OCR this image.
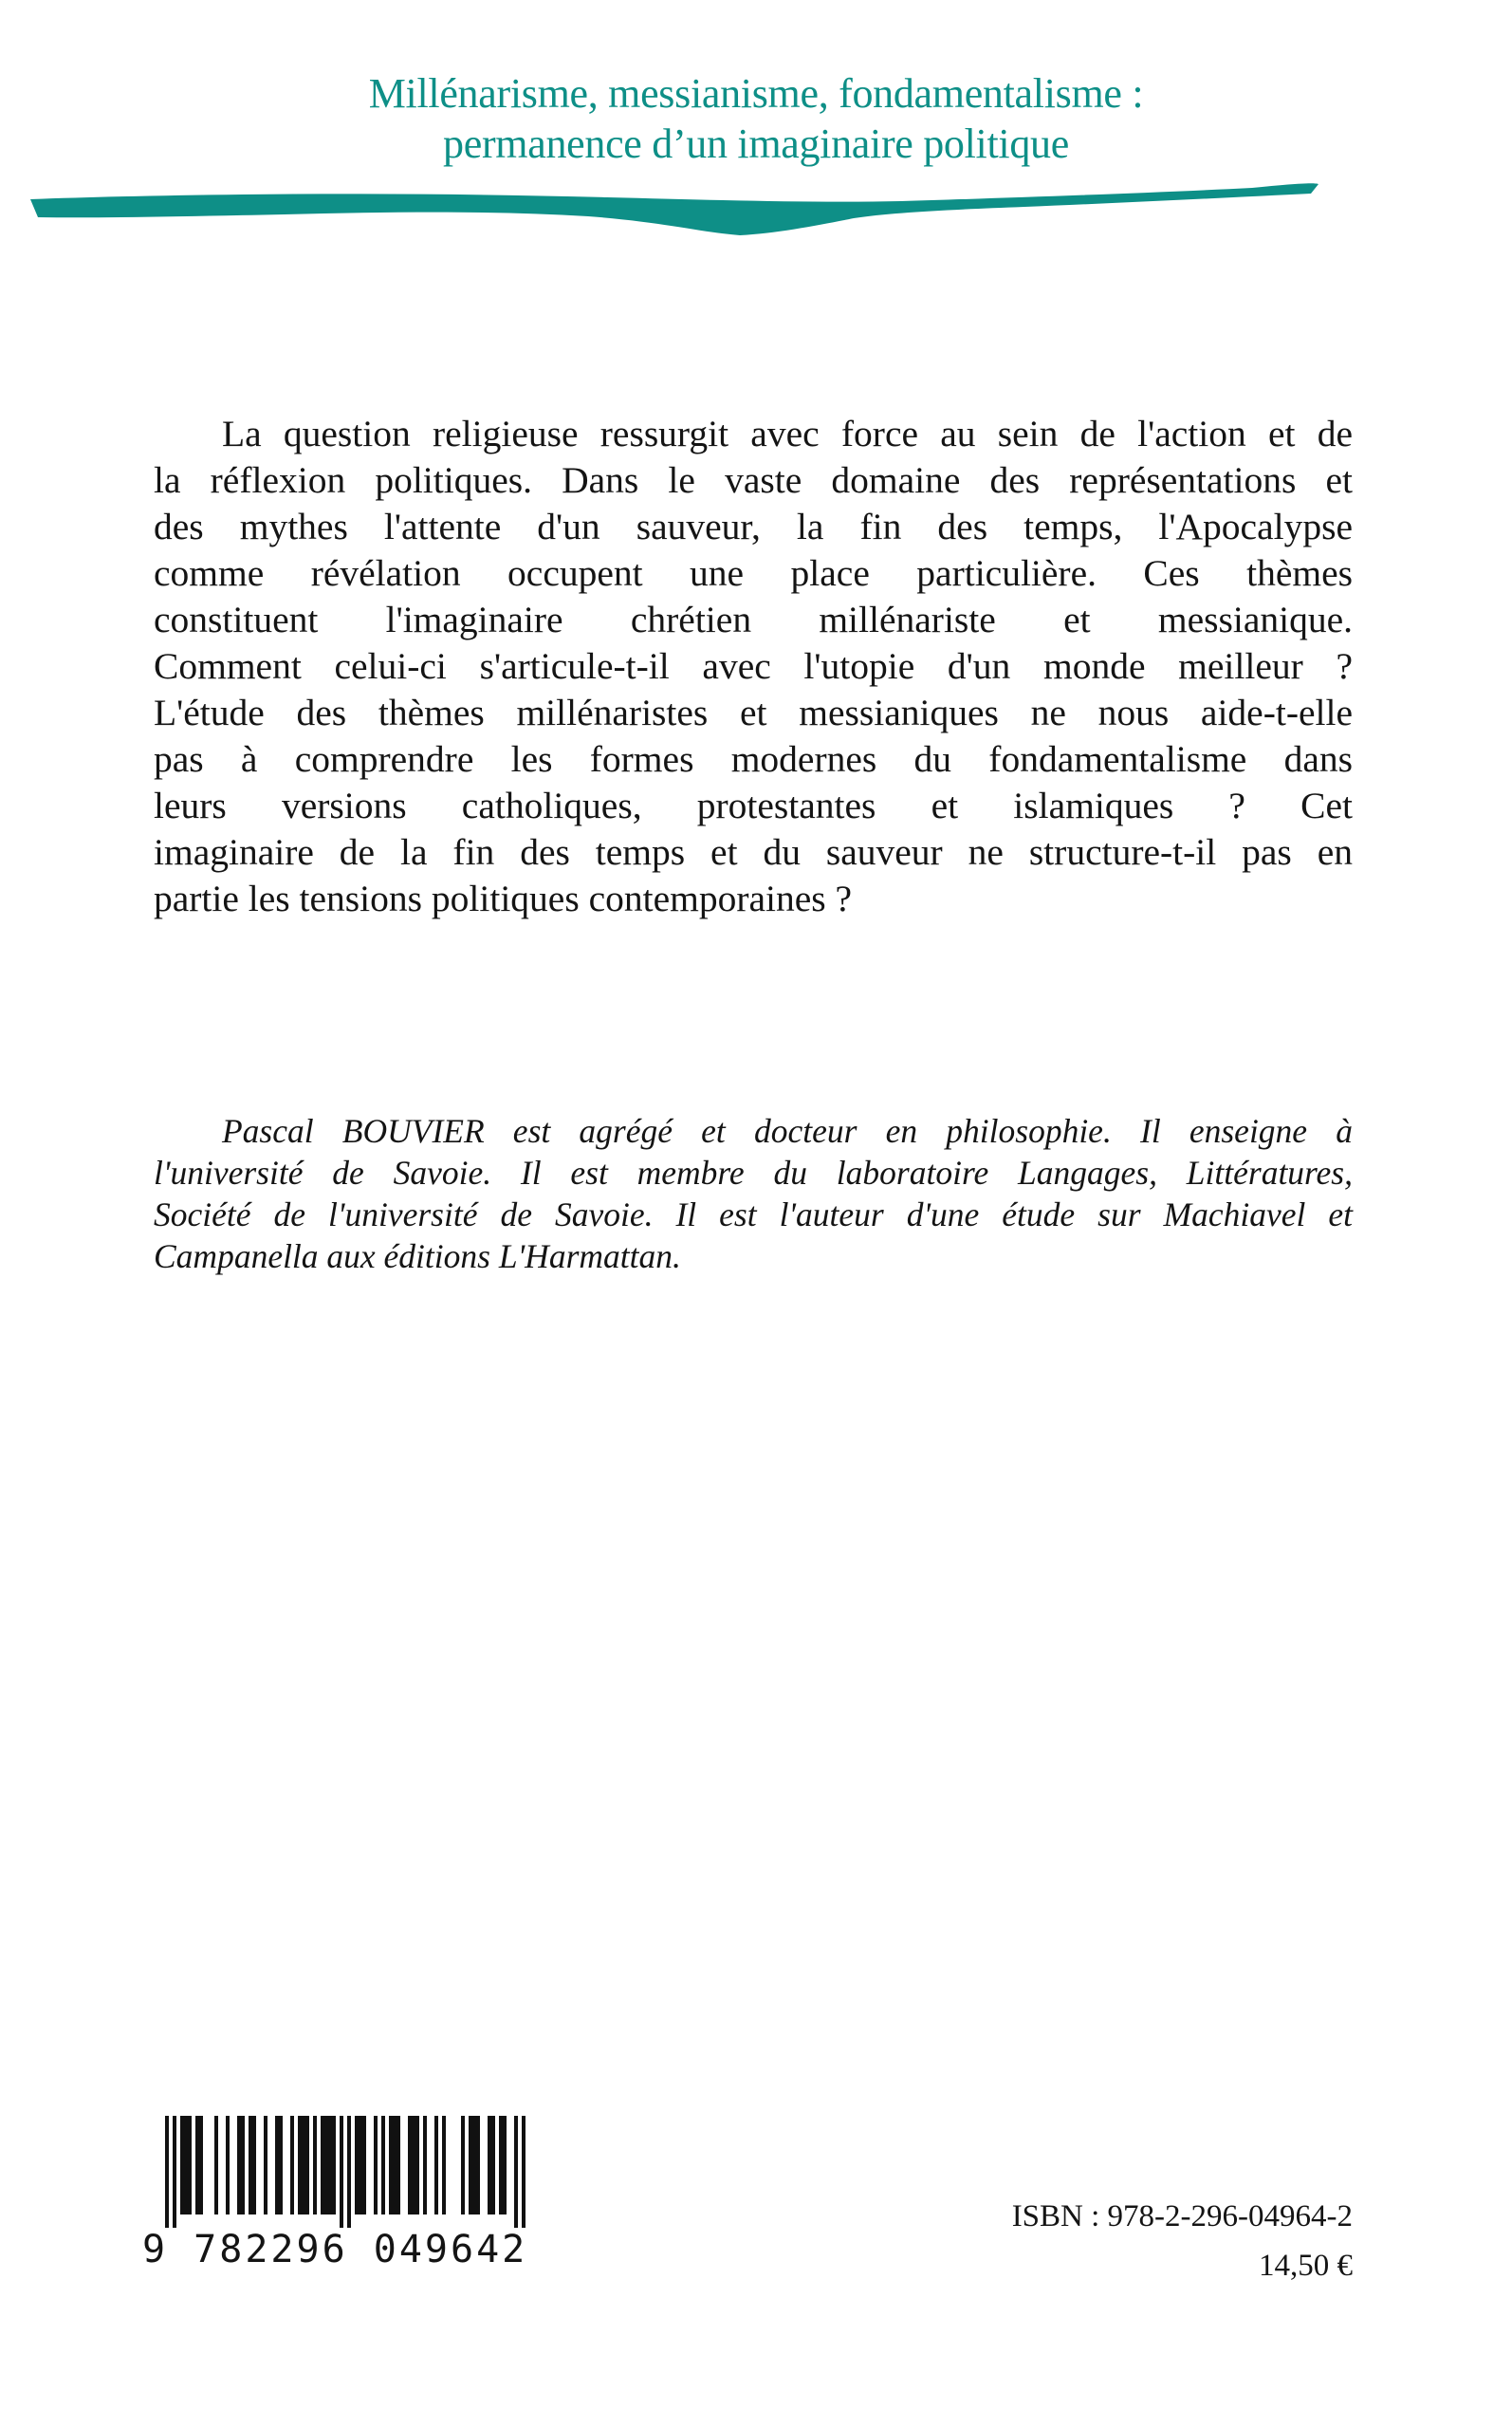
Millénarisme, messianisme, fondamentalisme :
permanence d’un imaginaire politique
La question religieuse ressurgit avec force au sein de l'action et de
la réflexion politiques. Dans le vaste domaine des représentations et
des mythes l'attente d'un sauveur, la fin des temps, l'Apocalypse
comme révélation occupent une place particulière. Ces thèmes
constituent l'imaginaire chrétien millénariste et messianique.
Comment celui-ci s'articule-t-il avec l'utopie d'un monde meilleur ?
L'étude des thèmes millénaristes et messianiques ne nous aide-t-elle
pas à comprendre les formes modernes du fondamentalisme dans
leurs versions catholiques, protestantes et islamiques ? Cet
imaginaire de la fin des temps et du sauveur ne structure-t-il pas en
partie les tensions politiques contemporaines ?
Pascal BOUVIER est agrégé et docteur en philosophie. Il enseigne à
l'université de Savoie. Il est membre du laboratoire Langages, Littératures,
Société de l'université de Savoie. Il est l'auteur d'une étude sur Machiavel et
Campanella aux éditions L'Harmattan.
9 782296 049642
ISBN : 978-2-296-04964-2
14,50 €
